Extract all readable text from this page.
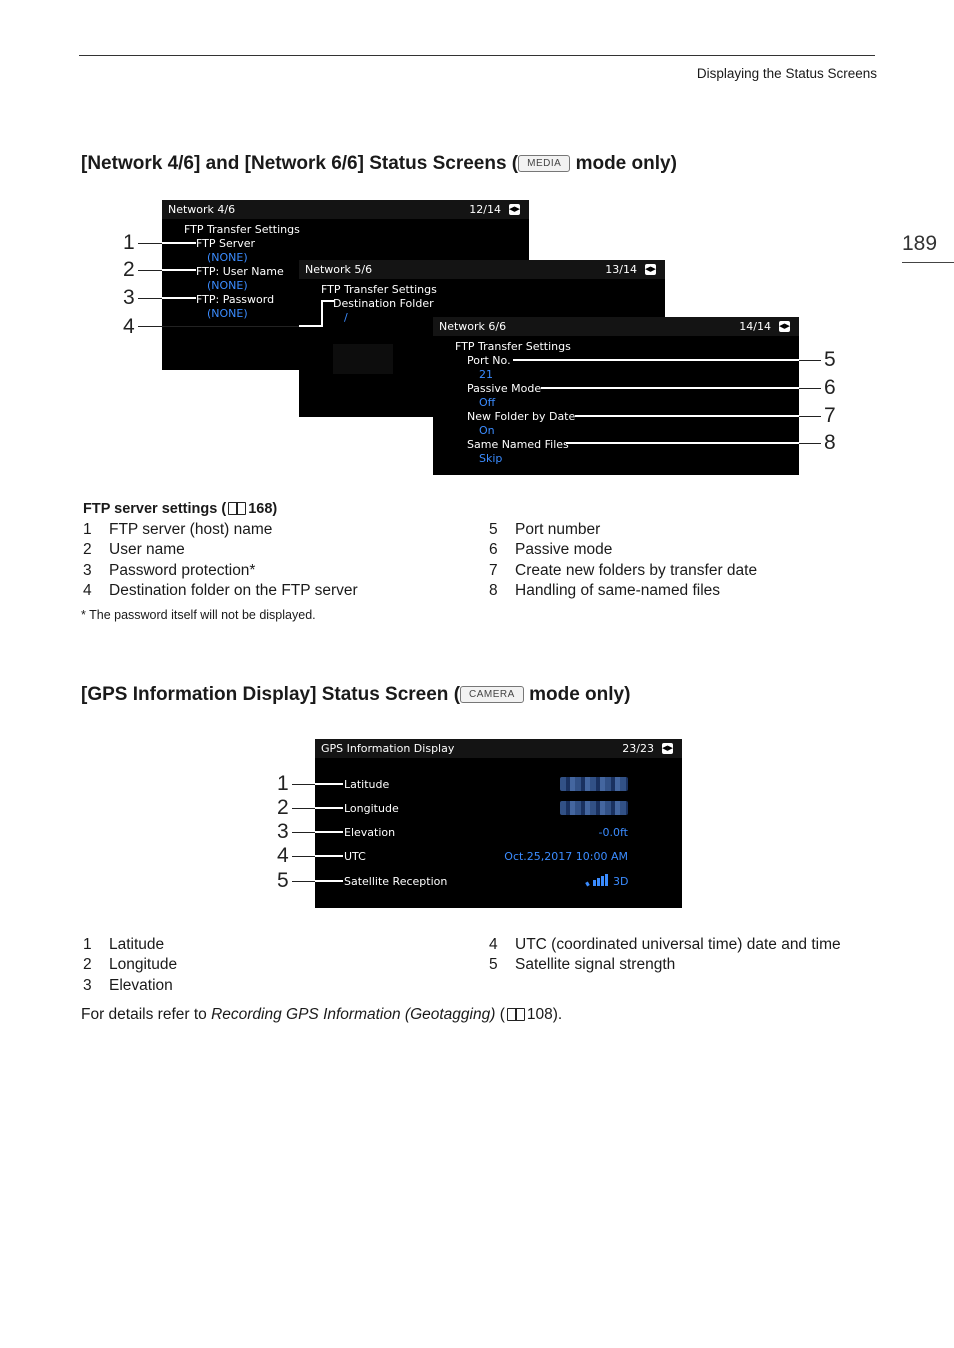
Displaying the Status Screens
189
[Network 4/6] and [Network 6/6] Status Screens ( MEDIA mode only)
Network 4/6	12/14 ◀▶
FTP Transfer Settings
FTP Server
(NONE)
FTP: User Name
(NONE)
FTP: Password
(NONE)
Network 5/6	13/14 ◀▶
FTP Transfer Settings
Destination Folder
/
Network 6/6	14/14 ◀▶
FTP Transfer Settings
Port No.
21
Passive Mode
Off
New Folder by Date
On
Same Named Files
Skip
1
2
3
4
5
6
7
8
FTP server settings ( 168)
1 FTP server (host) name
2 User name
3 Password protection*
4 Destination folder on the FTP server
5 Port number
6 Passive mode
7 Create new folders by transfer date
8 Handling of same-named files
* The password itself will not be displayed.
[GPS Information Display] Status Screen ( CAMERA mode only)
GPS Information Display	23/23 ◀▶
Latitude
Longitude
Elevation	-0.0ft
UTC	Oct.25,2017 10:00 AM
Satellite Reception	3D
1
2
3
4
5
1 Latitude
2 Longitude
3 Elevation
4 UTC (coordinated universal time) date and time
5 Satellite signal strength
For details refer to Recording GPS Information (Geotagging) ( 108).
